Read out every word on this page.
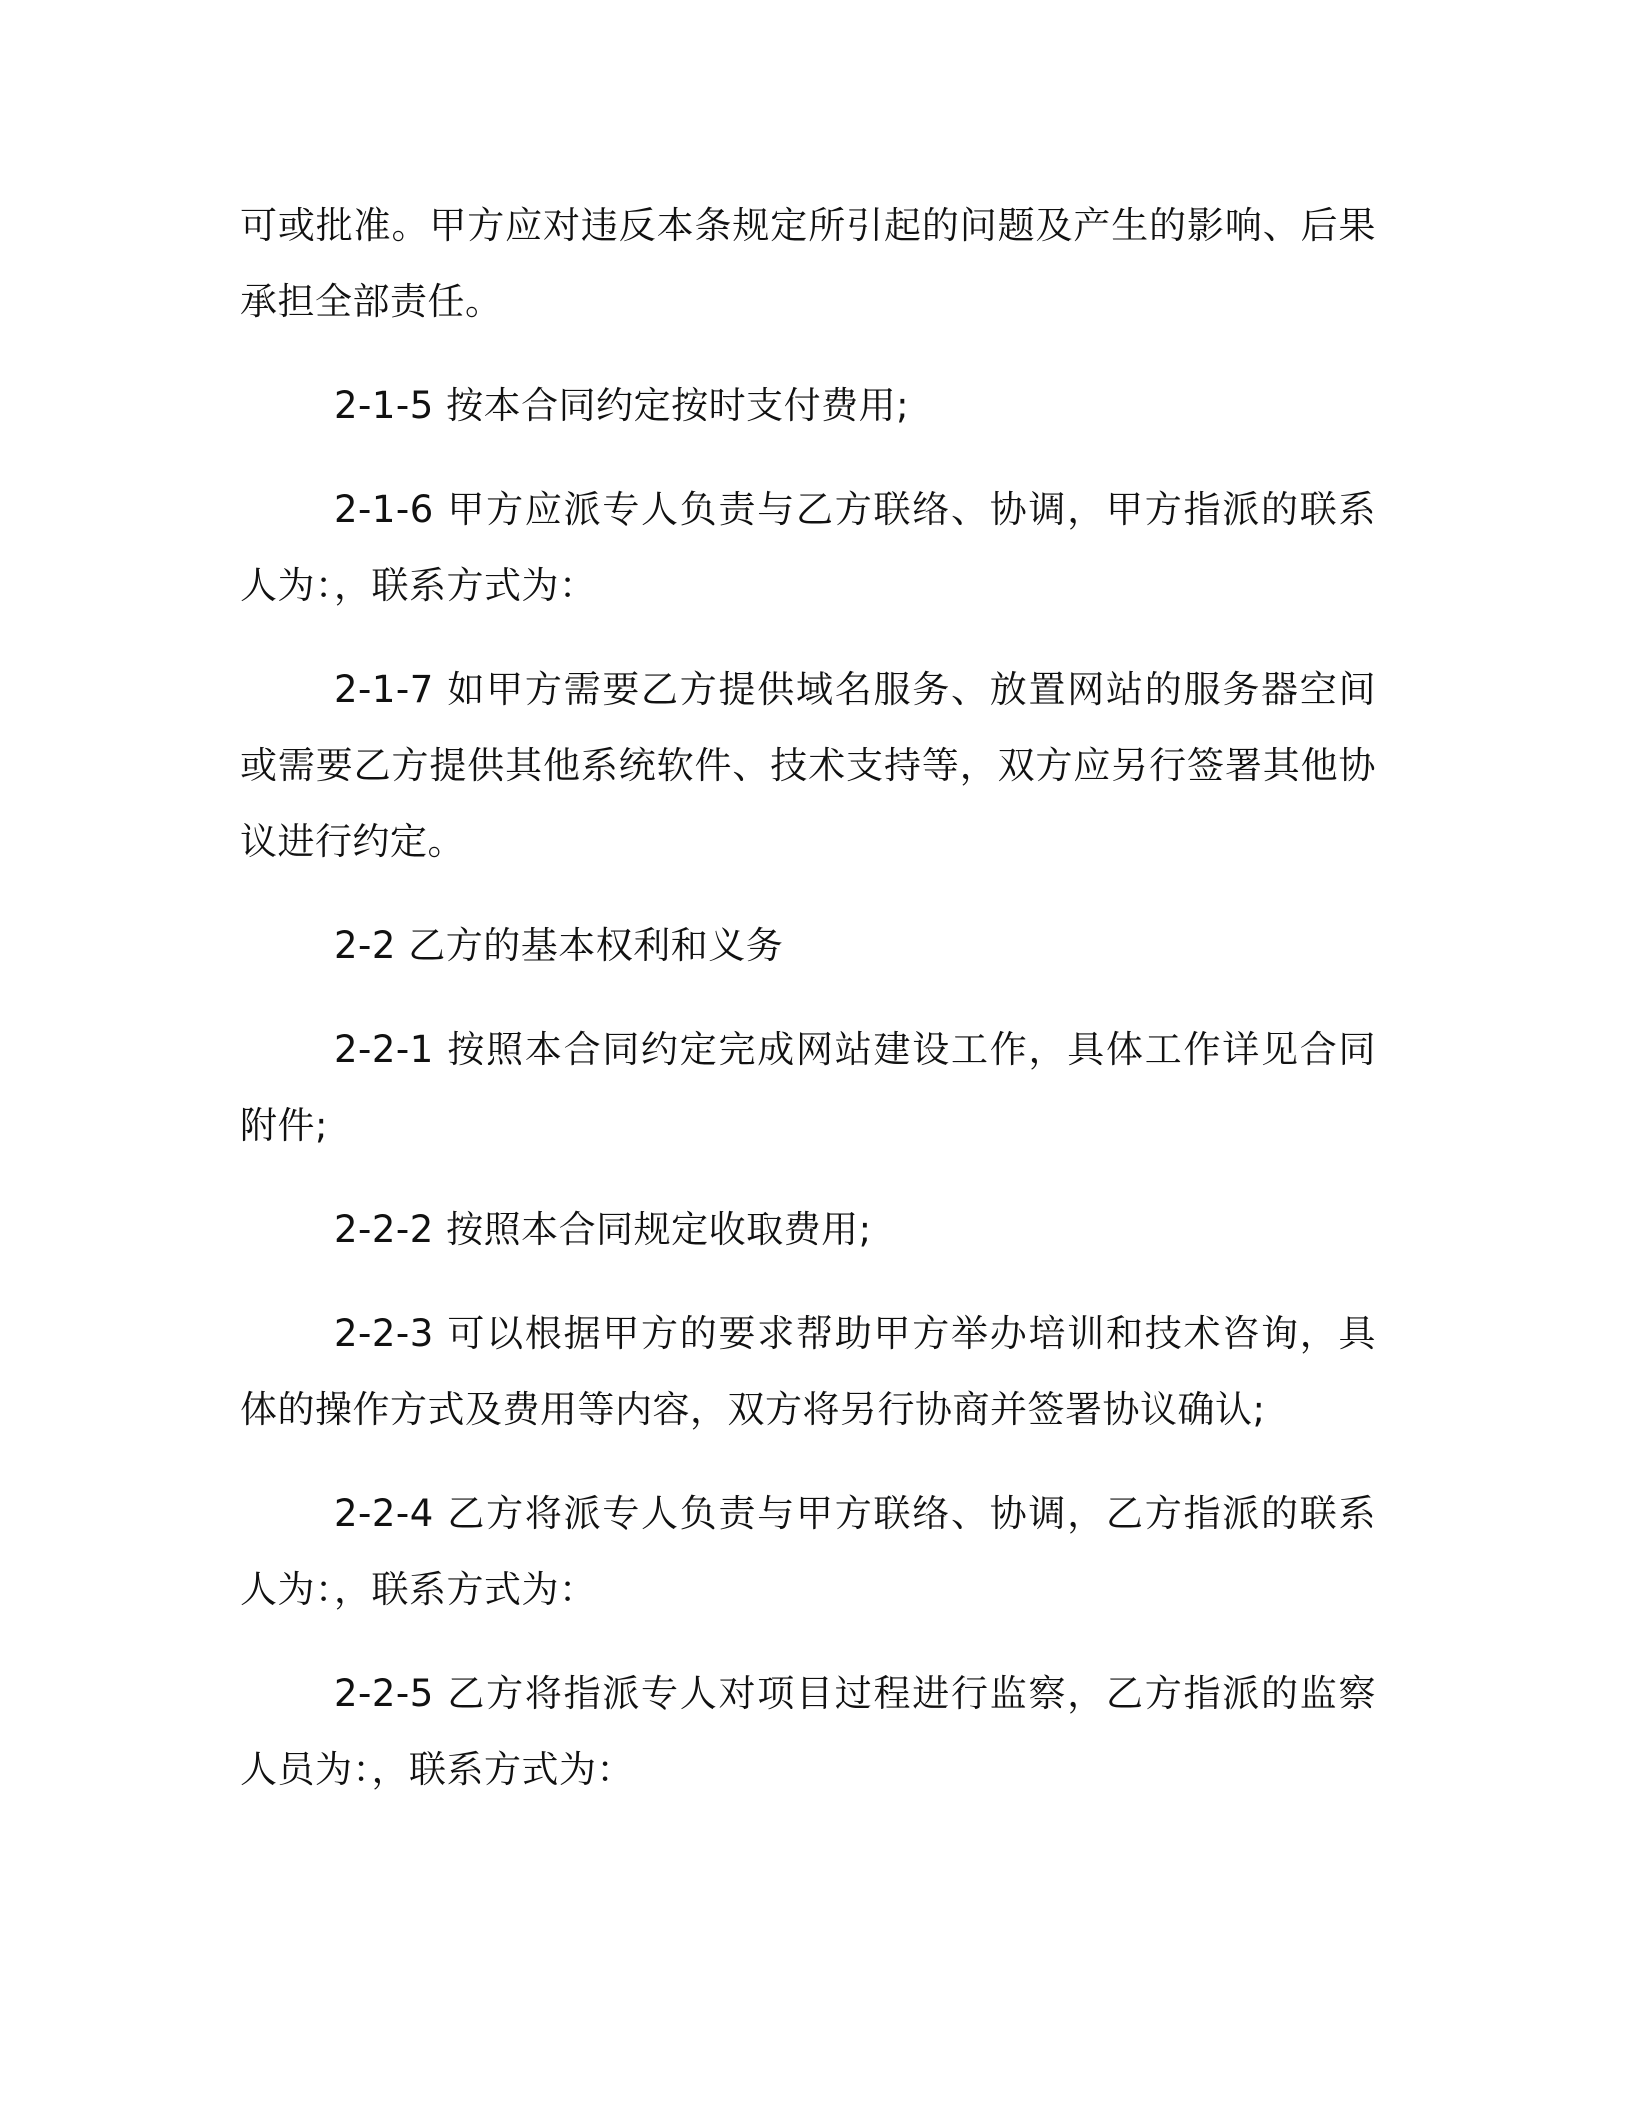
可或批准。甲方应对违反本条规定所引起的问题及产生的影响、后果承担全部责任。

2-1-5 按本合同约定按时支付费用;

2-1-6 甲方应派专人负责与乙方联络、协调，甲方指派的联系人为：，联系方式为：

2-1-7 如甲方需要乙方提供域名服务、放置网站的服务器空间或需要乙方提供其他系统软件、技术支持等，双方应另行签署其他协议进行约定。

2-2 乙方的基本权利和义务

2-2-1 按照本合同约定完成网站建设工作，具体工作详见合同附件;

2-2-2 按照本合同规定收取费用;

2-2-3 可以根据甲方的要求帮助甲方举办培训和技术咨询，具体的操作方式及费用等内容，双方将另行协商并签署协议确认;

2-2-4 乙方将派专人负责与甲方联络、协调，乙方指派的联系人为：，联系方式为：

2-2-5 乙方将指派专人对项目过程进行监察，乙方指派的监察人员为：，联系方式为：
